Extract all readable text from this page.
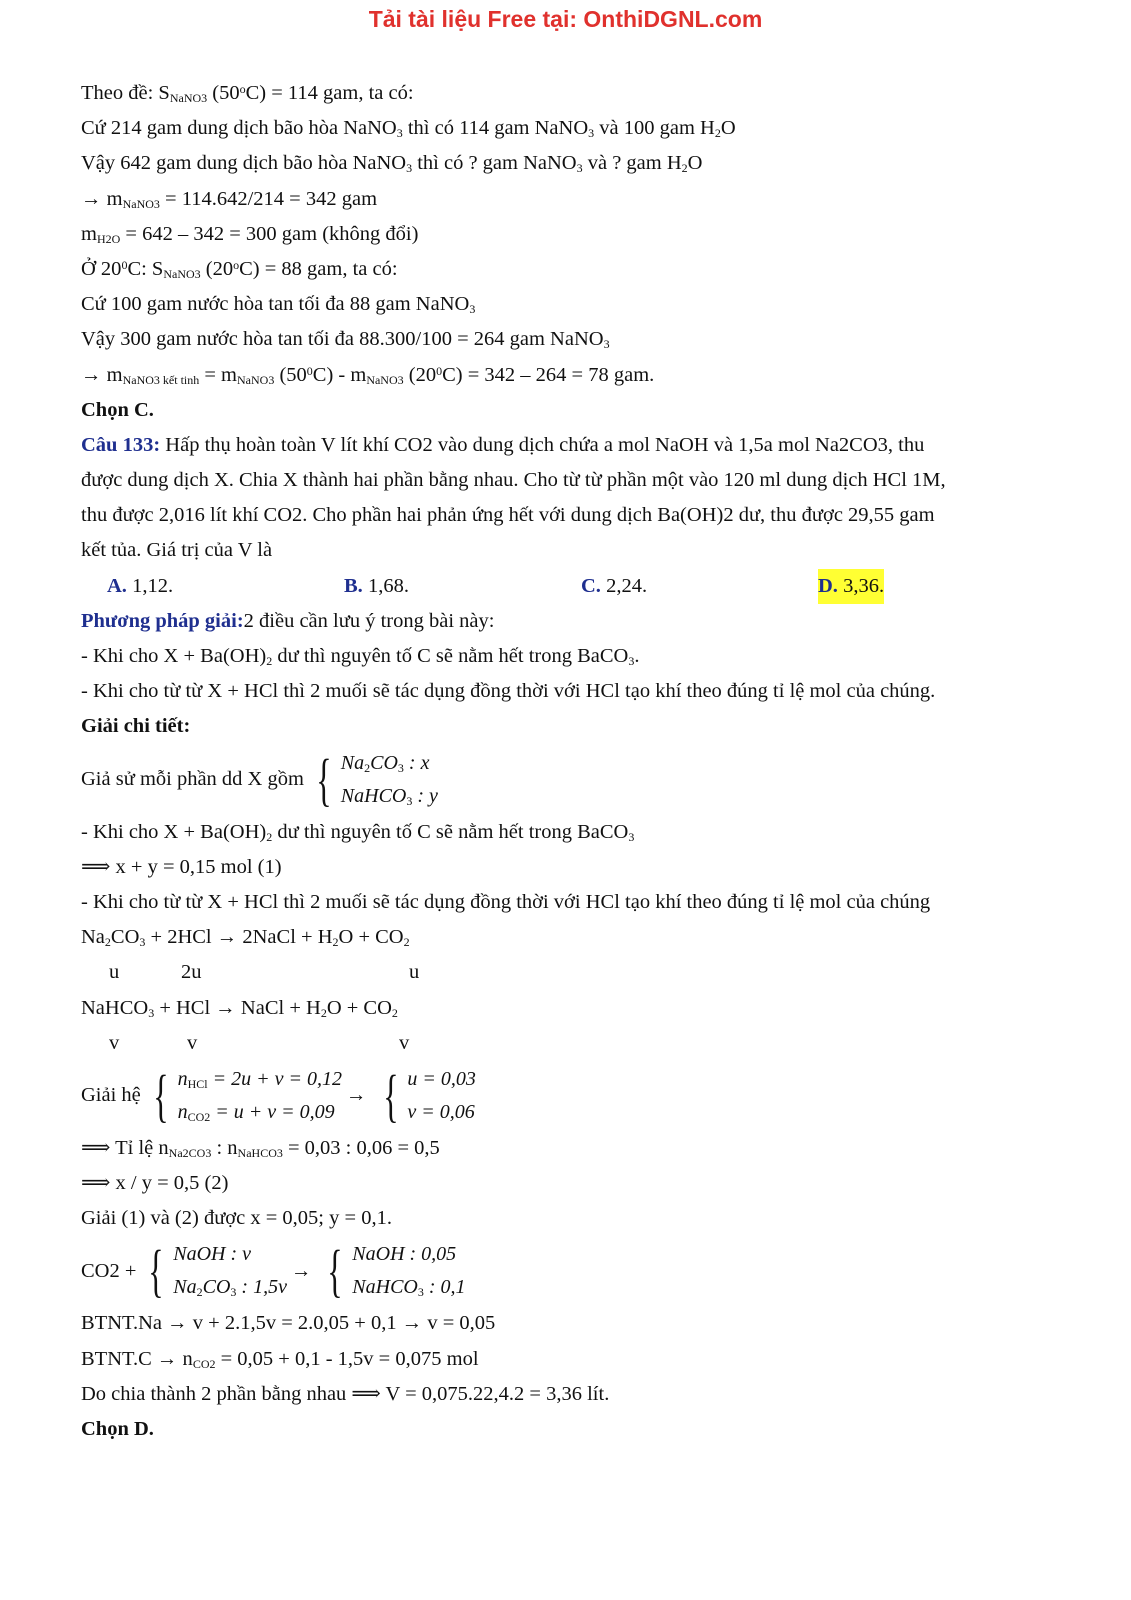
Tải tài liệu Free tại: OnthiDGNL.com
Theo đề: $S_{NaNO3}$ $(50^oC) = 114$ gam, ta có:
Cứ 214 gam dung dịch bão hòa NaNO$_3$ thì có 114 gam NaNO$_3$ và 100 gam $H_2O$
Vậy 642 gam dung dịch bão hòa NaNO$_3$ thì có ? gam NaNO$_3$ và ? gam $H_2O$
→ $m_{NaNO3} = 114.642/214 = 342$ gam
$m_{H2O} = 642 - 342 = 300$ gam (không đổi)
Ở $20^0C$: $S_{NaNO3}$ $(20^oC) = 88$ gam, ta có:
Cứ 100 gam nước hòa tan tối đa 88 gam NaNO$_3$
Vậy 300 gam nước hòa tan tối đa 88.300/100 = 264 gam NaNO$_3$
→ $m_{NaNO3 kết tinh} = m_{NaNO3}$ $(50^0C) - m_{NaNO3}$ $(20^0C) = 342 - 264 = 78$ gam.
Chọn C.
Câu 133: Hấp thụ hoàn toàn V lít khí CO2 vào dung dịch chứa a mol NaOH và 1,5a mol Na2CO3, thu
được dung dịch X. Chia X thành hai phần bằng nhau. Cho từ từ phần một vào 120 ml dung dịch HCl 1M,
thu được 2,016 lít khí CO2. Cho phần hai phản ứng hết với dung dịch Ba(OH)2 dư, thu được 29,55 gam
kết tủa. Giá trị của V là
A. 1,12.	B. 1,68.	C. 2,24.	D. 3,36.
Phương pháp giải:2 điều cần lưu ý trong bài này:
- Khi cho $X + Ba(OH)_2$ dư thì nguyên tố C sẽ nằm hết trong BaCO$_3$.
- Khi cho từ từ X + HCl thì 2 muối sẽ tác dụng đồng thời với HCl tạo khí theo đúng tỉ lệ mol của chúng.
Giải chi tiết:
Giả sử mỗi phần dd X gồm { $Na_2CO_3$ : x
NaHCO$_3$ : y
- Khi cho $X + Ba(OH)_2$ dư thì nguyên tố C sẽ nằm hết trong BaCO$_3$
⟹ x + y = 0,15 mol (1)
- Khi cho từ từ X + HCl thì 2 muối sẽ tác dụng đồng thời với HCl tạo khí theo đúng tỉ lệ mol của chúng
$Na_2CO_3 + 2HCl$ → 2NaCl + $H_2O + CO_2$
u	2u	u
NaHCO$_3$ + HCl → NaCl + $H_2O + CO_2$
v	v	v
Giải hệ { $n_{HCl} = 2u + v = 0,12$
$n_{CO2} = u + v = 0,09$
→ { u = 0,03
v = 0,06
⟹ Tỉ lệ $n_{Na2CO3}$ : $n_{NaHCO3} = 0,03$ : 0,06 = 0,5
⟹ x / y = 0,5 (2)
Giải (1) và (2) được x = 0,05; y = 0,1.
CO2 + { NaOH : v
$Na_2CO_3$ : 1,5v
→ { NaOH : 0,05
NaHCO$_3$ : 0,1
BTNT.Na → v + 2.1,5v = 2.0,05 + 0,1 → v = 0,05
BTNT.C → $n_{CO2} = 0,05 + 0,1 - 1,5v = 0,075$ mol
Do chia thành 2 phần bằng nhau ⟹ V = 0,075.22,4.2 = 3,36 lít.
Chọn D.
